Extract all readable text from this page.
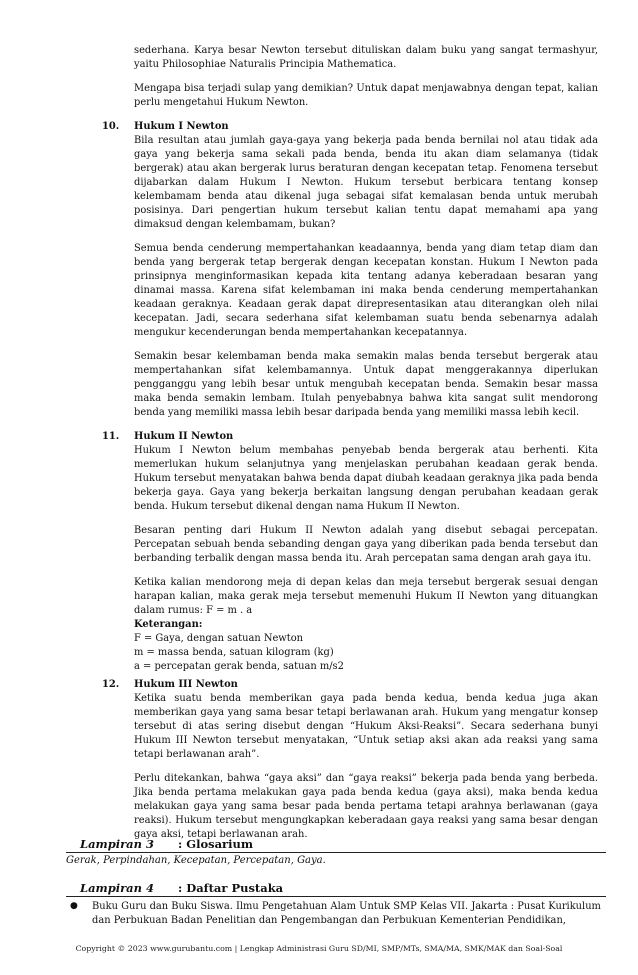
sederhana. Karya besar Newton tersebut dituliskan dalam buku yang sangat termashyur, yaitu Philosophiae Naturalis Principia Mathematica.

Mengapa bisa terjadi sulap yang demikian? Untuk dapat menjawabnya dengan tepat, kalian perlu mengetahui Hukum Newton.

10. Hukum I Newton

Bila resultan atau jumlah gaya-gaya yang bekerja pada benda bernilai nol atau tidak ada gaya yang bekerja sama sekali pada benda, benda itu akan diam selamanya (tidak bergerak) atau akan bergerak lurus beraturan dengan kecepatan tetap. Fenomena tersebut dijabarkan dalam Hukum I Newton. Hukum tersebut berbicara tentang konsep kelembamam benda atau dikenal juga sebagai sifat kemalasan benda untuk merubah posisinya. Dari pengertian hukum tersebut kalian tentu dapat memahami apa yang dimaksud dengan kelembamam, bukan?

Semua benda cenderung mempertahankan keadaannya, benda yang diam tetap diam dan benda yang bergerak tetap bergerak dengan kecepatan konstan. Hukum I Newton pada prinsipnya menginformasikan kepada kita tentang adanya keberadaan besaran yang dinamai massa. Karena sifat kelembaman ini maka benda cenderung mempertahankan keadaan geraknya. Keadaan gerak dapat direpresentasikan atau diterangkan oleh nilai kecepatan. Jadi, secara sederhana sifat kelembaman suatu benda sebenarnya adalah mengukur kecenderungan benda mempertahankan kecepatannya.

Semakin besar kelembaman benda maka semakin malas benda tersebut bergerak atau mempertahankan sifat kelembamannya. Untuk dapat menggerakannya diperlukan pengganggu yang lebih besar untuk mengubah kecepatan benda. Semakin besar massa maka benda semakin lembam. Itulah penyebabnya bahwa kita sangat sulit mendorong benda yang memiliki massa lebih besar daripada benda yang memiliki massa lebih kecil.

11. Hukum II Newton

Hukum I Newton belum membahas penyebab benda bergerak atau berhenti. Kita memerlukan hukum selanjutnya yang menjelaskan perubahan keadaan gerak benda. Hukum tersebut menyatakan bahwa benda dapat diubah keadaan geraknya jika pada benda bekerja gaya. Gaya yang bekerja berkaitan langsung dengan perubahan keadaan gerak benda. Hukum tersebut dikenal dengan nama Hukum II Newton.

Besaran penting dari Hukum II Newton adalah yang disebut sebagai percepatan. Percepatan sebuah benda sebanding dengan gaya yang diberikan pada benda tersebut dan berbanding terbalik dengan massa benda itu. Arah percepatan sama dengan arah gaya itu.

Ketika kalian mendorong meja di depan kelas dan meja tersebut bergerak sesuai dengan harapan kalian, maka gerak meja tersebut memenuhi Hukum II Newton yang dituangkan dalam rumus: F = m . a

Keterangan:

F = Gaya, dengan satuan Newton

m = massa benda, satuan kilogram (kg)

a = percepatan gerak benda, satuan m/s2

12. Hukum III Newton

Ketika suatu benda memberikan gaya pada benda kedua, benda kedua juga akan memberikan gaya yang sama besar tetapi berlawanan arah. Hukum yang mengatur konsep tersebut di atas sering disebut dengan “Hukum Aksi-Reaksi”. Secara sederhana bunyi Hukum III Newton tersebut menyatakan, “Untuk setiap aksi akan ada reaksi yang sama tetapi berlawanan arah”.

Perlu ditekankan, bahwa “gaya aksi” dan “gaya reaksi” bekerja pada benda yang berbeda. Jika benda pertama melakukan gaya pada benda kedua (gaya aksi), maka benda kedua melakukan gaya yang sama besar pada benda pertama tetapi arahnya berlawanan (gaya reaksi). Hukum tersebut mengungkapkan keberadaan gaya reaksi yang sama besar dengan gaya aksi, tetapi berlawanan arah.

Lampiran 3 : Glosarium
Gerak, Perpindahan, Kecepatan, Percepatan, Gaya.
Lampiran 4 : Daftar Pustaka
●	Buku Guru dan Buku Siswa. Ilmu Pengetahuan Alam Untuk SMP Kelas VII. Jakarta : Pusat Kurikulum dan Perbukuan Badan Penelitian dan Pengembangan dan Perbukuan Kementerian Pendidikan,
Copyright © 2023 www.gurubantu.com | Lengkap Administrasi Guru SD/MI, SMP/MTs, SMA/MA, SMK/MAK dan Soal-Soal
